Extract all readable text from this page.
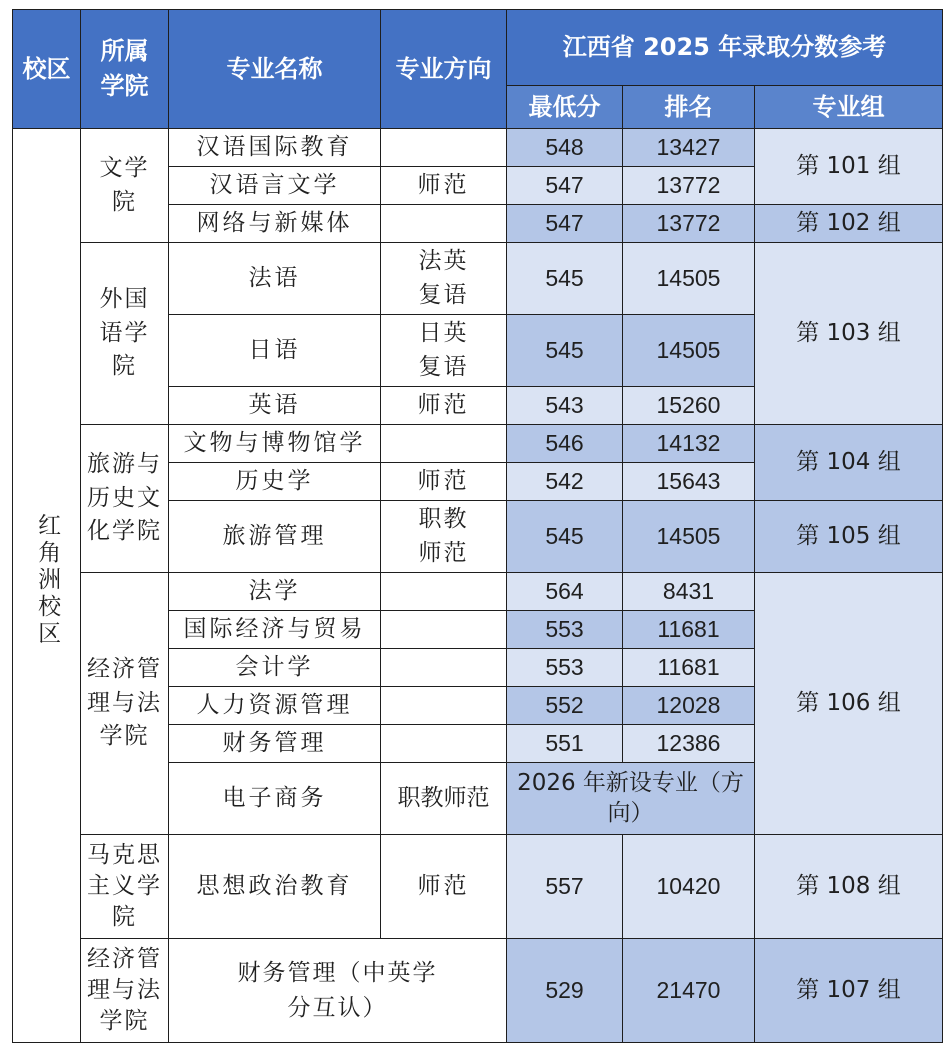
校区	所属学院	专业名称	专业方向	江西省 2025 年录取分数参考		
				最低分	排名	专业组
红角洲校区	文学院	汉语国际教育		548	13427	第 101 组
		汉语言文学	师范	547	13772	
		网络与新媒体		547	13772	第 102 组

	外国语学院	法语	法英复语	545	14505	第 103 组
		日语	日英复语	545	14505	
		英语	师范	543	15260	

	旅游与历史文化学院	文物与博物馆学		546	14132	第 104 组
		历史学	师范	542	15643	
		旅游管理	职教师范	545	14505	第 105 组

	经济管理与法学院	法学		564	8431	第 106 组
		国际经济与贸易		553	11681	
		会计学		553	11681	
		人力资源管理		552	12028	
		财务管理		551	12386	
		电子商务	职教师范	2026 年新设专业（方向）		

	马克思主义学院	思想政治教育	师范	557	10420	第 108 组

	经济管理与法学院	财务管理（中英学分互认）		529	21470	第 107 组
